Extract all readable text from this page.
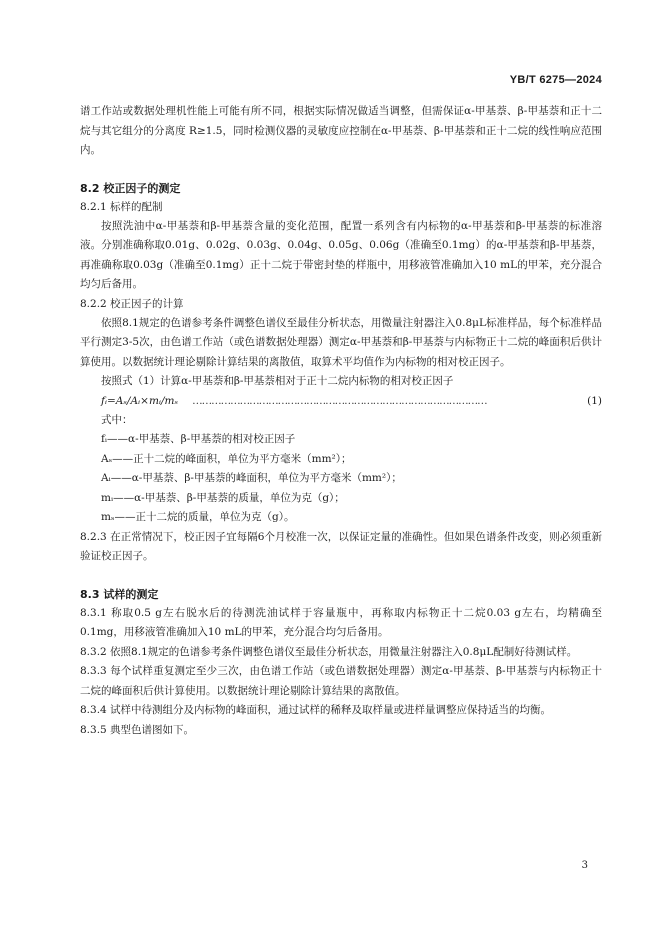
YB/T 6275—2024

谱工作站或数据处理机性能上可能有所不同，根据实际情况做适当调整，但需保证α-甲基萘、β-甲基萘和正十二烷与其它组分的分离度 R≥1.5，同时检测仪器的灵敏度应控制在α-甲基萘、β-甲基萘和正十二烷的线性响应范围内。

8.2 校正因子的测定

8.2.1 标样的配制

按照洗油中α-甲基萘和β-甲基萘含量的变化范围，配置一系列含有内标物的α-甲基萘和β-甲基萘的标准溶液。分别准确称取0.01g、0.02g、0.03g、0.04g、0.05g、0.06g（准确至0.1mg）的α-甲基萘和β-甲基萘，再准确称取0.03g（准确至0.1mg）正十二烷于带密封垫的样瓶中，用移液管准确加入10 mL的甲苯，充分混合均匀后备用。

8.2.2 校正因子的计算

依照8.1规定的色谱参考条件调整色谱仪至最佳分析状态，用微量注射器注入0.8μL标准样品，每个标准样品平行测定3-5次，由色谱工作站（或色谱数据处理器）测定α-甲基萘和β-甲基萘与内标物正十二烷的峰面积后供计算使用。以数据统计理论剔除计算结果的离散值，取算术平均值作为内标物的相对校正因子。

按照式（1）计算α-甲基萘和β-甲基萘相对于正十二烷内标物的相对校正因子

fᵢ=Aₛ/Aᵢ×mᵢ/mₛ …………………………………………………………………………………	(1)

式中：

fᵢ——α-甲基萘、β-甲基萘的相对校正因子

Aₛ——正十二烷的峰面积，单位为平方毫米（mm²）；

Aᵢ——α-甲基萘、β-甲基萘的峰面积，单位为平方毫米（mm²）；

mᵢ——α-甲基萘、β-甲基萘的质量，单位为克（g）；

mₛ——正十二烷的质量，单位为克（g）。

8.2.3 在正常情况下，校正因子宜每隔6个月校准一次，以保证定量的准确性。但如果色谱条件改变，则必须重新验证校正因子。

8.3 试样的测定

8.3.1 称取0.5 g左右脱水后的待测洗油试样于容量瓶中，再称取内标物正十二烷0.03 g左右，均精确至0.1mg，用移液管准确加入10 mL的甲苯，充分混合均匀后备用。

8.3.2 依照8.1规定的色谱参考条件调整色谱仪至最佳分析状态，用微量注射器注入0.8μL配制好待测试样。

8.3.3 每个试样重复测定至少三次，由色谱工作站（或色谱数据处理器）测定α-甲基萘、β-甲基萘与内标物正十二烷的峰面积后供计算使用。以数据统计理论剔除计算结果的离散值。

8.3.4 试样中待测组分及内标物的峰面积，通过试样的稀释及取样量或进样量调整应保持适当的均衡。

8.3.5 典型色谱图如下。

3
